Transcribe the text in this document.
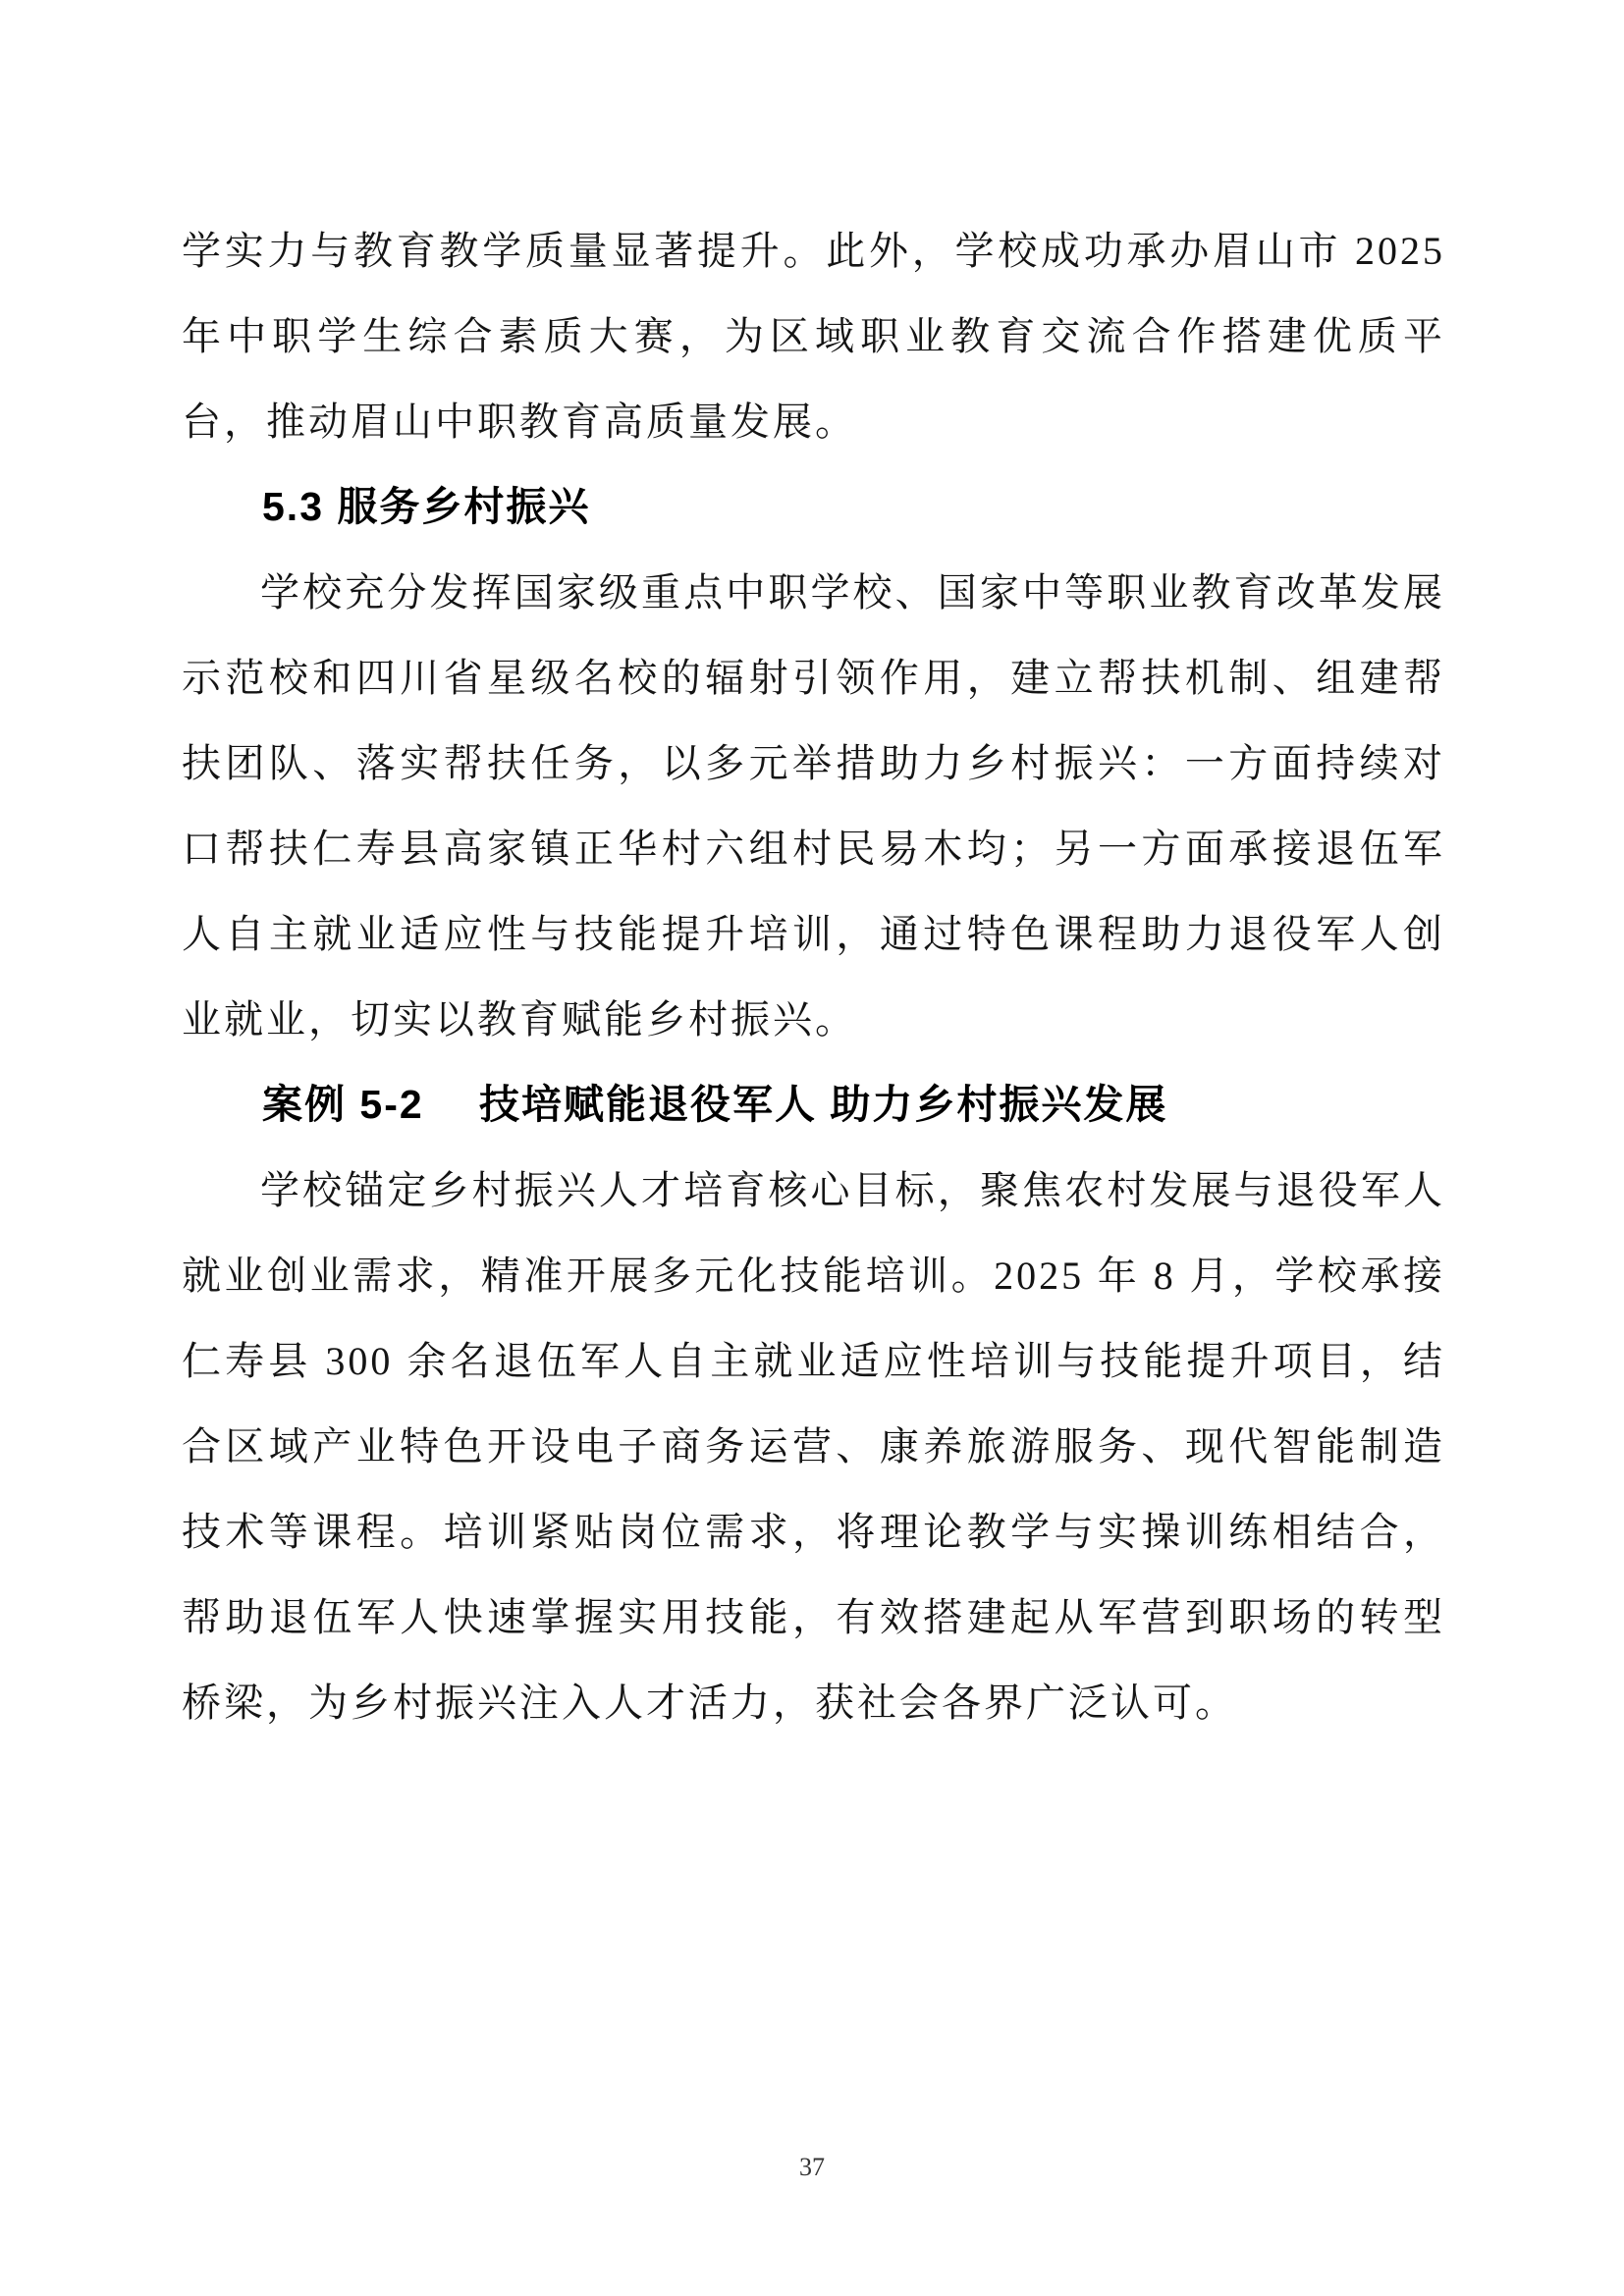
学实力与教育教学质量显著提升。此外，学校成功承办眉山市 2025 年中职学生综合素质大赛，为区域职业教育交流合作搭建优质平台，推动眉山中职教育高质量发展。

5.3 服务乡村振兴

学校充分发挥国家级重点中职学校、国家中等职业教育改革发展示范校和四川省星级名校的辐射引领作用，建立帮扶机制、组建帮扶团队、落实帮扶任务，以多元举措助力乡村振兴：一方面持续对口帮扶仁寿县高家镇正华村六组村民易木均；另一方面承接退伍军人自主就业适应性与技能提升培训，通过特色课程助力退役军人创业就业，切实以教育赋能乡村振兴。

案例 5-2　 技培赋能退役军人 助力乡村振兴发展

学校锚定乡村振兴人才培育核心目标，聚焦农村发展与退役军人就业创业需求，精准开展多元化技能培训。2025 年 8 月，学校承接仁寿县 300 余名退伍军人自主就业适应性培训与技能提升项目，结合区域产业特色开设电子商务运营、康养旅游服务、现代智能制造技术等课程。培训紧贴岗位需求，将理论教学与实操训练相结合，帮助退伍军人快速掌握实用技能，有效搭建起从军营到职场的转型桥梁，为乡村振兴注入人才活力，获社会各界广泛认可。

37
